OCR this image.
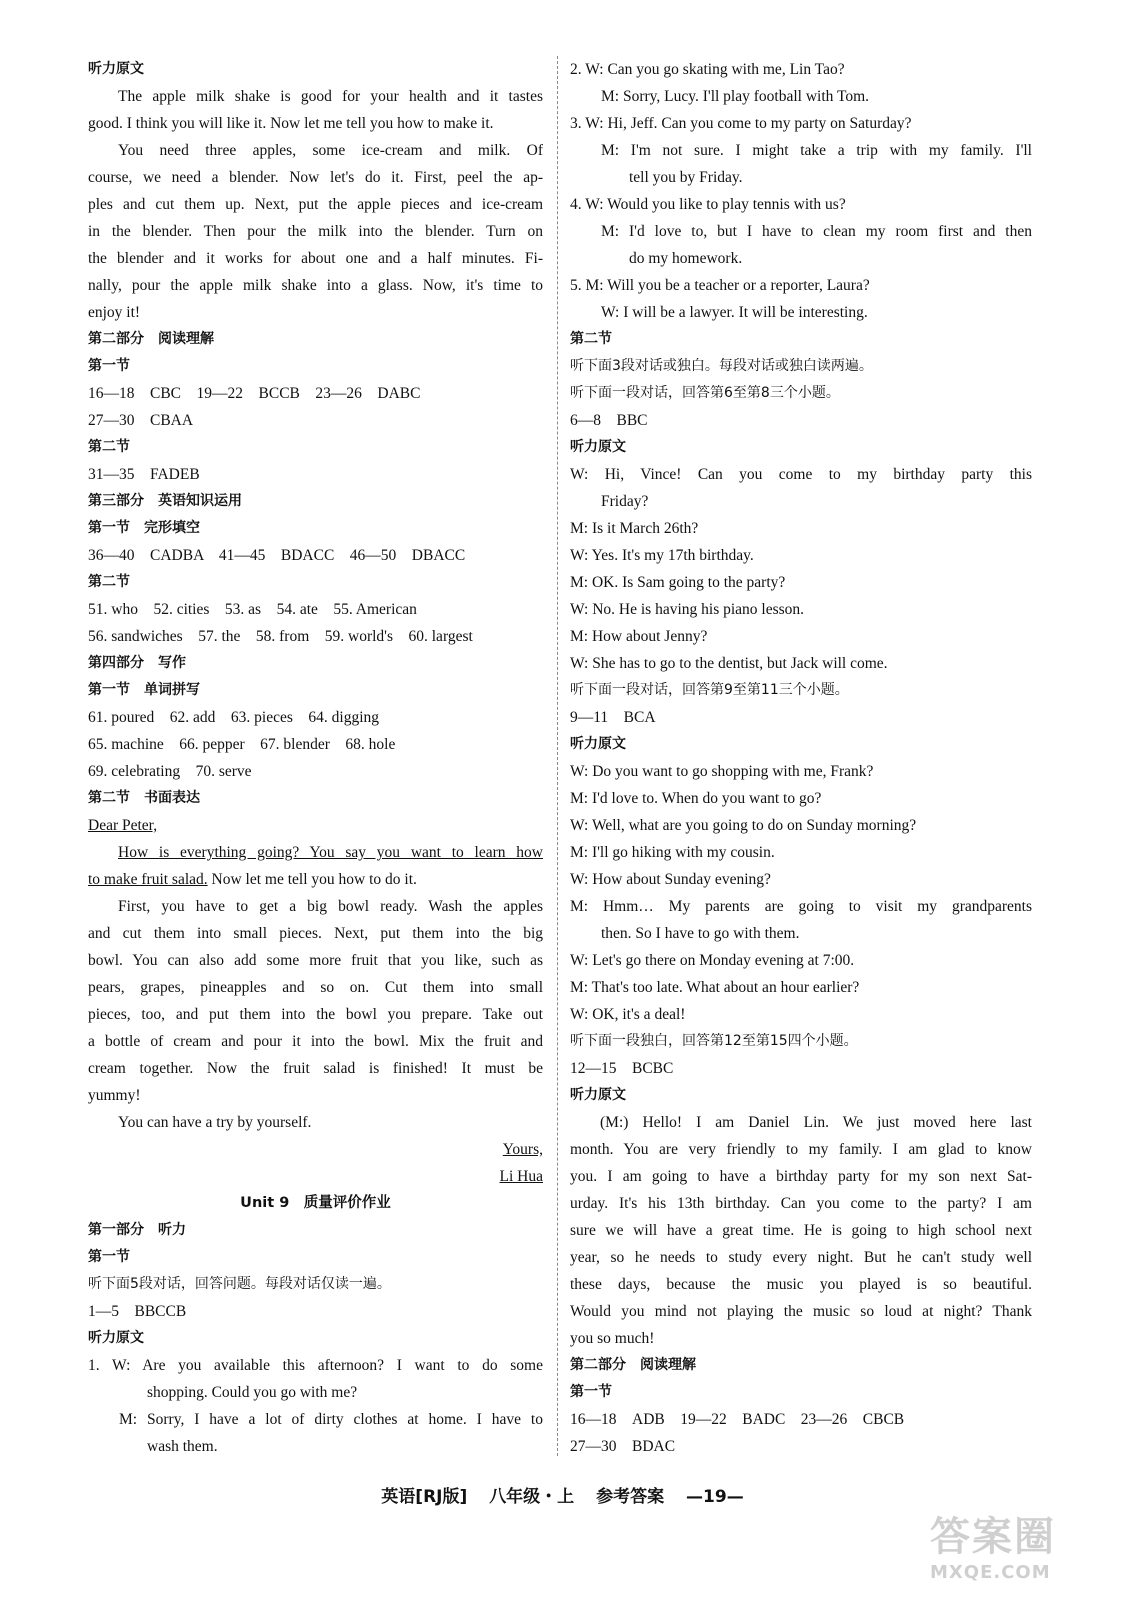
听力原文
The apple milk shake is good for your health and it tastes
good. I think you will like it. Now let me tell you how to make it.
You need three apples, some ice-cream and milk. Of
course, we need a blender. Now let's do it. First, peel the ap-
ples and cut them up. Next, put the apple pieces and ice-cream
in the blender. Then pour the milk into the blender. Turn on
the blender and it works for about one and a half minutes. Fi-
nally, pour the apple milk shake into a glass. Now, it's time to
enjoy it!
第二部分　阅读理解
第一节
16—18　CBC　19—22　BCCB　23—26　DABC
27—30　CBAA
第二节
31—35　FADEB
第三部分　英语知识运用
第一节　完形填空
36—40　CADBA　41—45　BDACC　46—50　DBACC
第二节
51. who　52. cities　53. as　54. ate　55. American
56. sandwiches　57. the　58. from　59. world's　60. largest
第四部分　写作
第一节　单词拼写
61. poured　62. add　63. pieces　64. digging
65. machine　66. pepper　67. blender　68. hole
69. celebrating　70. serve
第二节　书面表达
Dear Peter,
How is everything going? You say you want to learn how
to make fruit salad. Now let me tell you how to do it.
First, you have to get a big bowl ready. Wash the apples
and cut them into small pieces. Next, put them into the big
bowl. You can also add some more fruit that you like, such as
pears, grapes, pineapples and so on. Cut them into small
pieces, too, and put them into the bowl you prepare. Take out
a bottle of cream and pour it into the bowl. Mix the fruit and
cream together. Now the fruit salad is finished! It must be
yummy!
You can have a try by yourself.
Yours,
Li Hua
Unit 9　质量评价作业
第一部分　听力
第一节
听下面5段对话，回答问题。每段对话仅读一遍。
1—5　BBCCB
听力原文
1. W: Are you available this afternoon? I want to do some
shopping. Could you go with me?
M: Sorry, I have a lot of dirty clothes at home. I have to
wash them.
2. W: Can you go skating with me, Lin Tao?
M: Sorry, Lucy. I'll play football with Tom.
3. W: Hi, Jeff. Can you come to my party on Saturday?
M: I'm not sure. I might take a trip with my family. I'll
tell you by Friday.
4. W: Would you like to play tennis with us?
M: I'd love to, but I have to clean my room first and then
do my homework.
5. M: Will you be a teacher or a reporter, Laura?
W: I will be a lawyer. It will be interesting.
第二节
听下面3段对话或独白。每段对话或独白读两遍。
听下面一段对话，回答第6至第8三个小题。
6—8　BBC
听力原文
W: Hi, Vince! Can you come to my birthday party this
Friday?
M: Is it March 26th?
W: Yes. It's my 17th birthday.
M: OK. Is Sam going to the party?
W: No. He is having his piano lesson.
M: How about Jenny?
W: She has to go to the dentist, but Jack will come.
听下面一段对话，回答第9至第11三个小题。
9—11　BCA
听力原文
W: Do you want to go shopping with me, Frank?
M: I'd love to. When do you want to go?
W: Well, what are you going to do on Sunday morning?
M: I'll go hiking with my cousin.
W: How about Sunday evening?
M: Hmm… My parents are going to visit my grandparents
then. So I have to go with them.
W: Let's go there on Monday evening at 7:00.
M: That's too late. What about an hour earlier?
W: OK, it's a deal!
听下面一段独白，回答第12至第15四个小题。
12—15　BCBC
听力原文
(M:) Hello! I am Daniel Lin. We just moved here last
month. You are very friendly to my family. I am glad to know
you. I am going to have a birthday party for my son next Sat-
urday. It's his 13th birthday. Can you come to the party? I am
sure we will have a great time. He is going to high school next
year, so he needs to study every night. But he can't study well
these days, because the music you played is so beautiful.
Would you mind not playing the music so loud at night? Thank
you so much!
第二部分　阅读理解
第一节
16—18　ADB　19—22　BADC　23—26　CBCB
27—30　BDAC
英语[RJ版] 八年级・上 参考答案 —19—
答案圈
MXQE.COM
